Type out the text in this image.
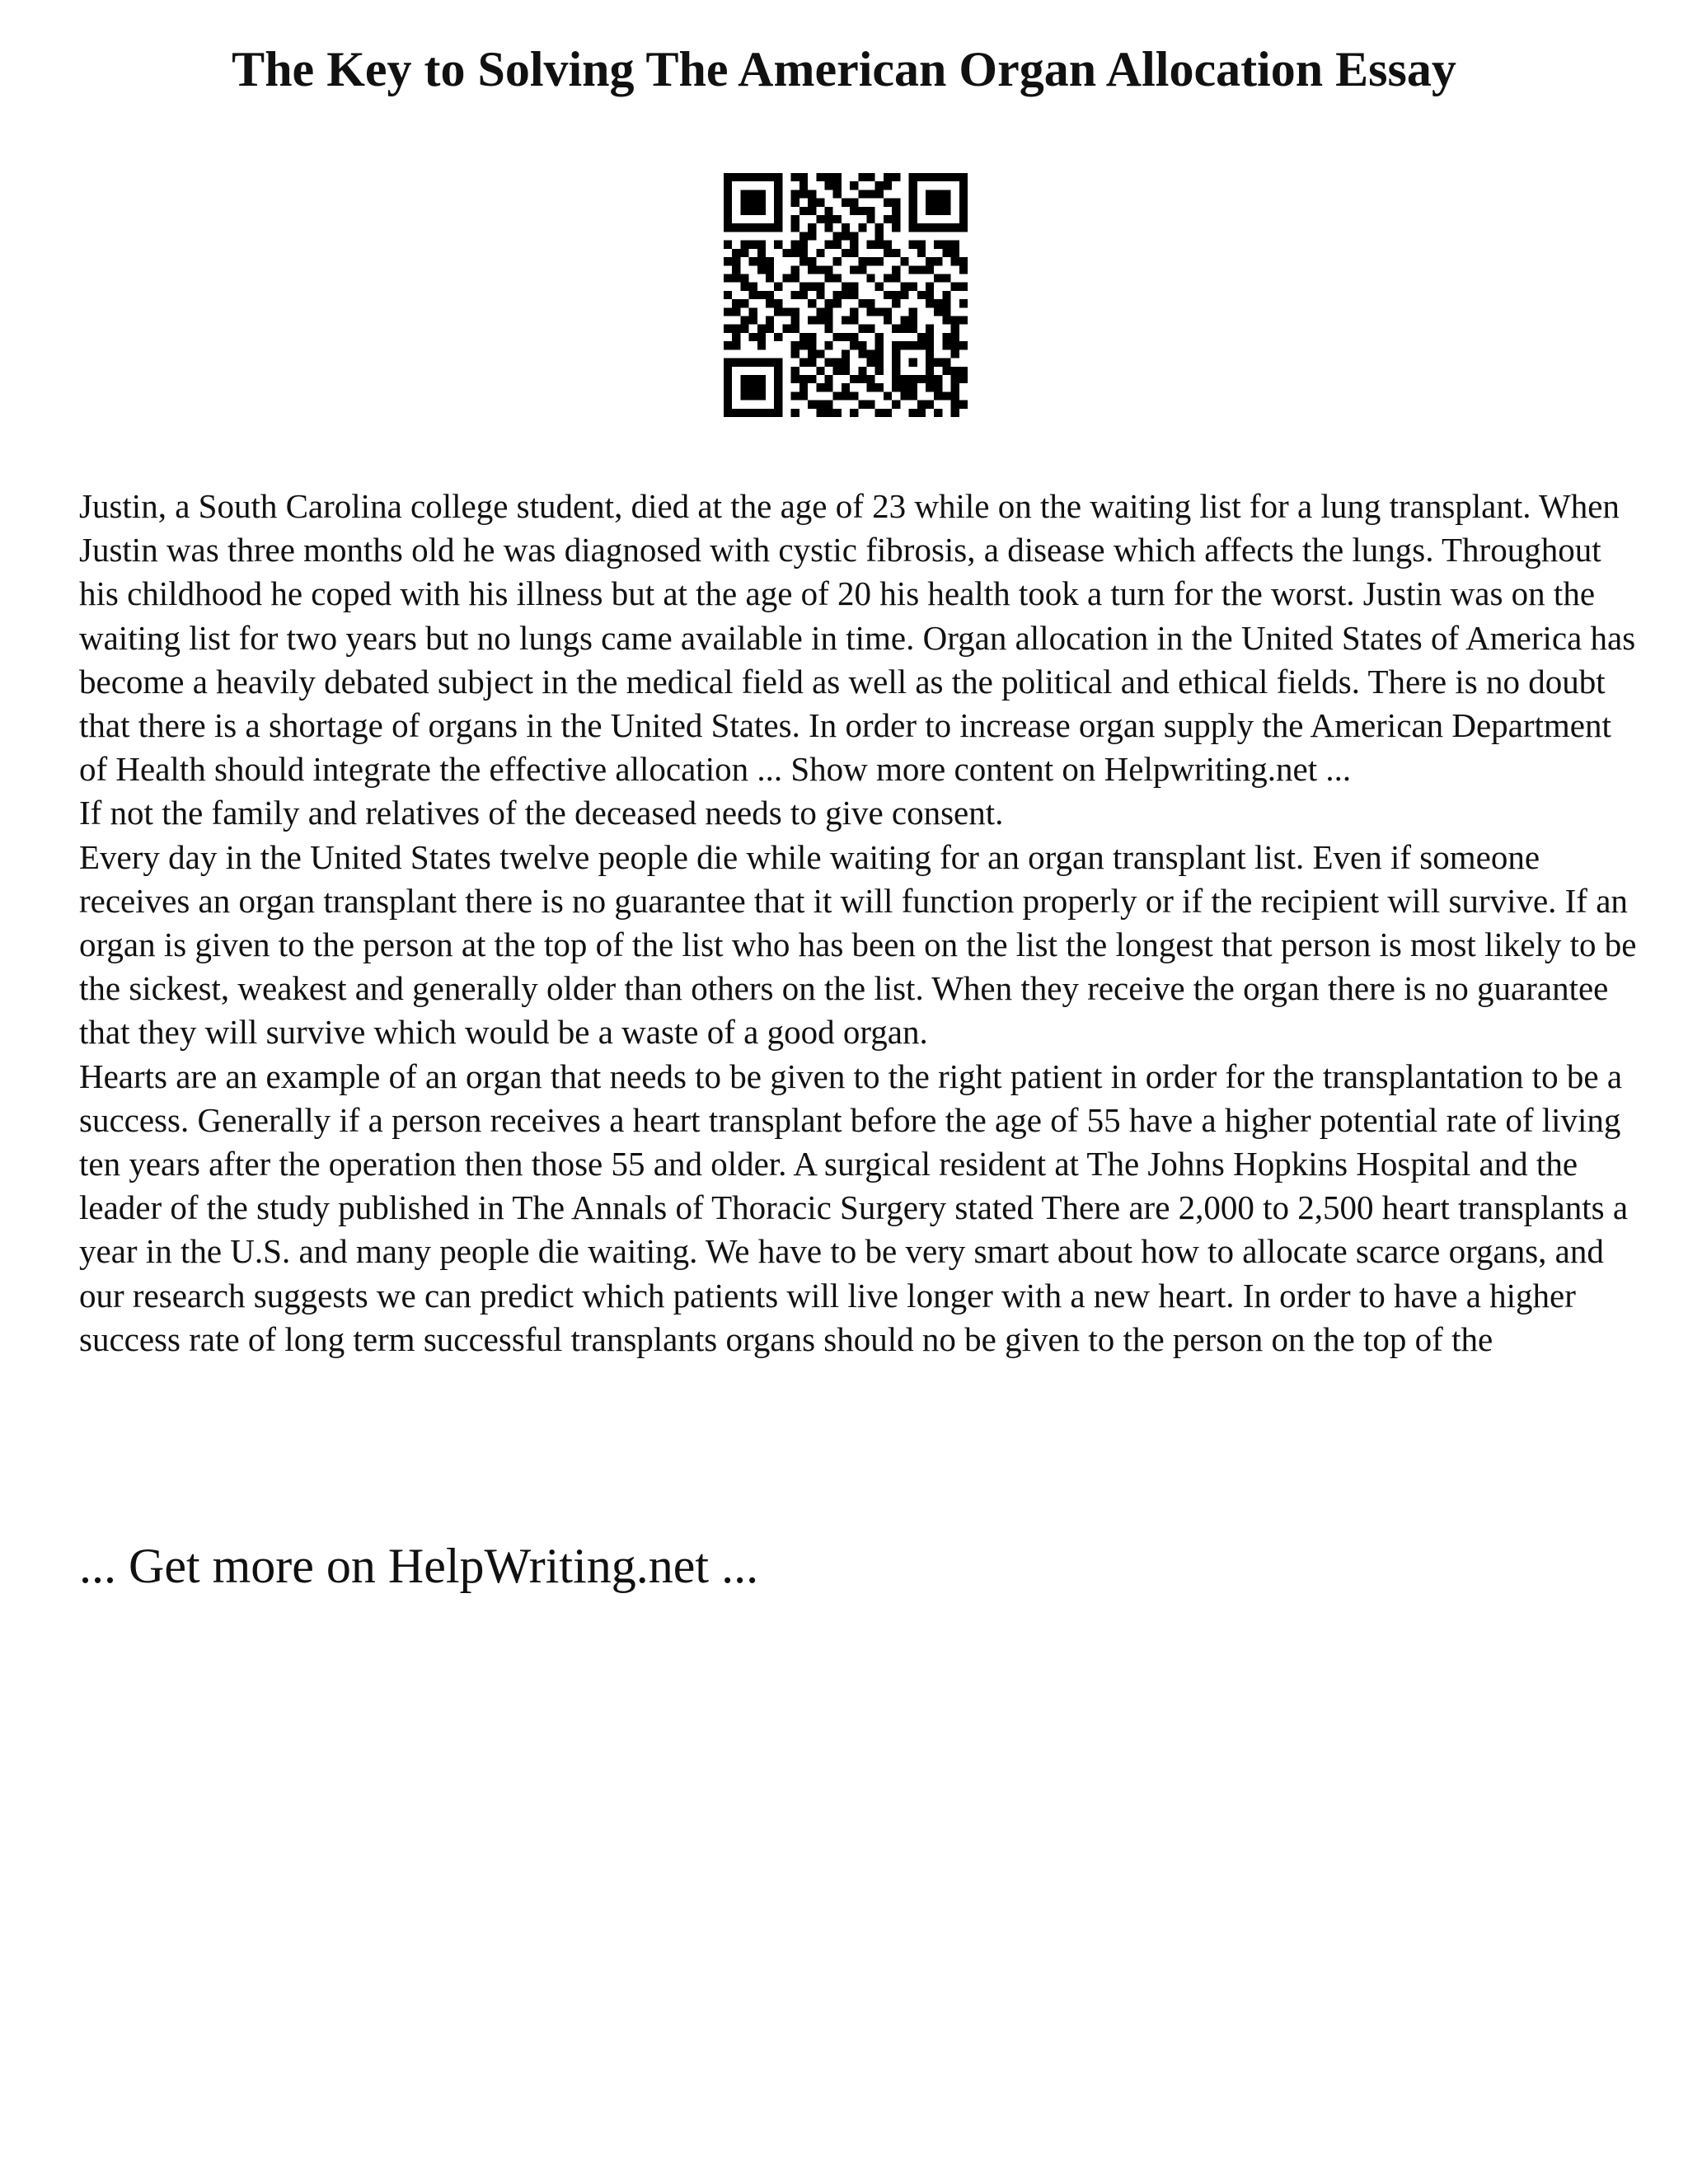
The Key to Solving The American Organ Allocation Essay

Justin, a South Carolina college student, died at the age of 23 while on the waiting list for a lung transplant. When Justin was three months old he was diagnosed with cystic fibrosis, a disease which affects the lungs. Throughout his childhood he coped with his illness but at the age of 20 his health took a turn for the worst. Justin was on the waiting list for two years but no lungs came available in time. Organ allocation in the United States of America has become a heavily debated subject in the medical field as well as the political and ethical fields. There is no doubt that there is a shortage of organs in the United States. In order to increase organ supply the American Department of Health should integrate the effective allocation ... Show more content on Helpwriting.net ...

If not the family and relatives of the deceased needs to give consent.

Every day in the United States twelve people die while waiting for an organ transplant list. Even if someone receives an organ transplant there is no guarantee that it will function properly or if the recipient will survive. If an organ is given to the person at the top of the list who has been on the list the longest that person is most likely to be the sickest, weakest and generally older than others on the list. When they receive the organ there is no guarantee that they will survive which would be a waste of a good organ.

Hearts are an example of an organ that needs to be given to the right patient in order for the transplantation to be a success. Generally if a person receives a heart transplant before the age of 55 have a higher potential rate of living ten years after the operation then those 55 and older. A surgical resident at The Johns Hopkins Hospital and the leader of the study published in The Annals of Thoracic Surgery stated There are 2,000 to 2,500 heart transplants a year in the U.S. and many people die waiting. We have to be very smart about how to allocate scarce organs, and our research suggests we can predict which patients will live longer with a new heart. In order to have a higher success rate of long term successful transplants organs should no be given to the person on the top of the

... Get more on HelpWriting.net ...
